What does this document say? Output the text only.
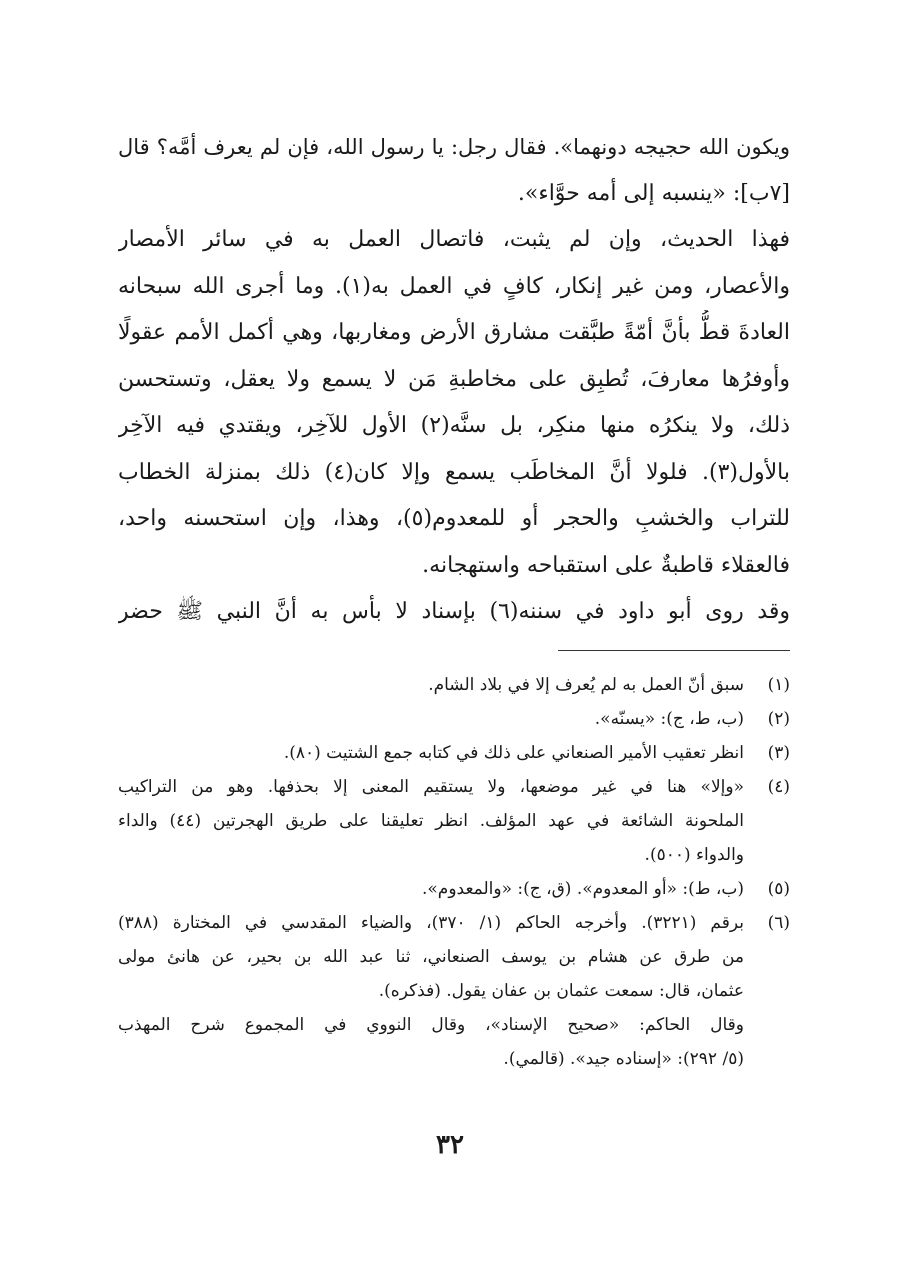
ويكون الله حجيجه دونهما». فقال رجل: يا رسول الله، فإن لم يعرف أمَّه؟ قال
[٧ب]: «ينسبه إلى أمه حوَّاء».
فهذا الحديث، وإن لم يثبت، فاتصال العمل به في سائر الأمصار
والأعصار، ومن غير إنكار، كافٍ في العمل به(١). وما أجرى الله سبحانه
العادةَ قطُّ بأنَّ أمّةً طبَّقت مشارق الأرض ومغاربها، وهي أكمل الأمم عقولًا
وأوفرُها معارفَ، تُطبِق على مخاطبةِ مَن لا يسمع ولا يعقل، وتستحسن
ذلك، ولا ينكرُه منها منكِر، بل سنَّه(٢) الأول للآخِر، ويقتدي فيه الآخِر
بالأول(٣). فلولا أنَّ المخاطَب يسمع وإلا كان(٤) ذلك بمنزلة الخطاب
للتراب والخشبِ والحجر أو للمعدوم(٥)، وهذا، وإن استحسنه واحد،
فالعقلاء قاطبةٌ على استقباحه واستهجانه.
وقد روى أبو داود في سننه(٦) بإسناد لا بأس به أنَّ النبي ﷺ حضر
(١)
سبق أنّ العمل به لم يُعرف إلا في بلاد الشام.
(٢)
(ب، ط، ج): «يسنّه».
(٣)
انظر تعقيب الأمير الصنعاني على ذلك في كتابه جمع الشتيت (٨٠).
(٤)
«وإلا» هنا في غير موضعها، ولا يستقيم المعنى إلا بحذفها. وهو من التراكيب
الملحونة الشائعة في عهد المؤلف. انظر تعليقنا على طريق الهجرتين (٤٤) والداء
والدواء (٥٠٠).
(٥)
(ب، ط): «أو المعدوم». (ق، ج): «والمعدوم».
(٦)
برقم (٣٢٢١). وأخرجه الحاكم (١/ ٣٧٠)، والضياء المقدسي في المختارة (٣٨٨)
من طرق عن هشام بن يوسف الصنعاني، ثنا عبد الله بن بحير، عن هانئ مولى
عثمان، قال: سمعت عثمان بن عفان يقول. (فذكره).
وقال الحاكم: «صحيح الإسناد»، وقال النووي في المجموع شرح المهذب
(٥/ ٢٩٢): «إسناده جيد». (قالمي).
٣٢
